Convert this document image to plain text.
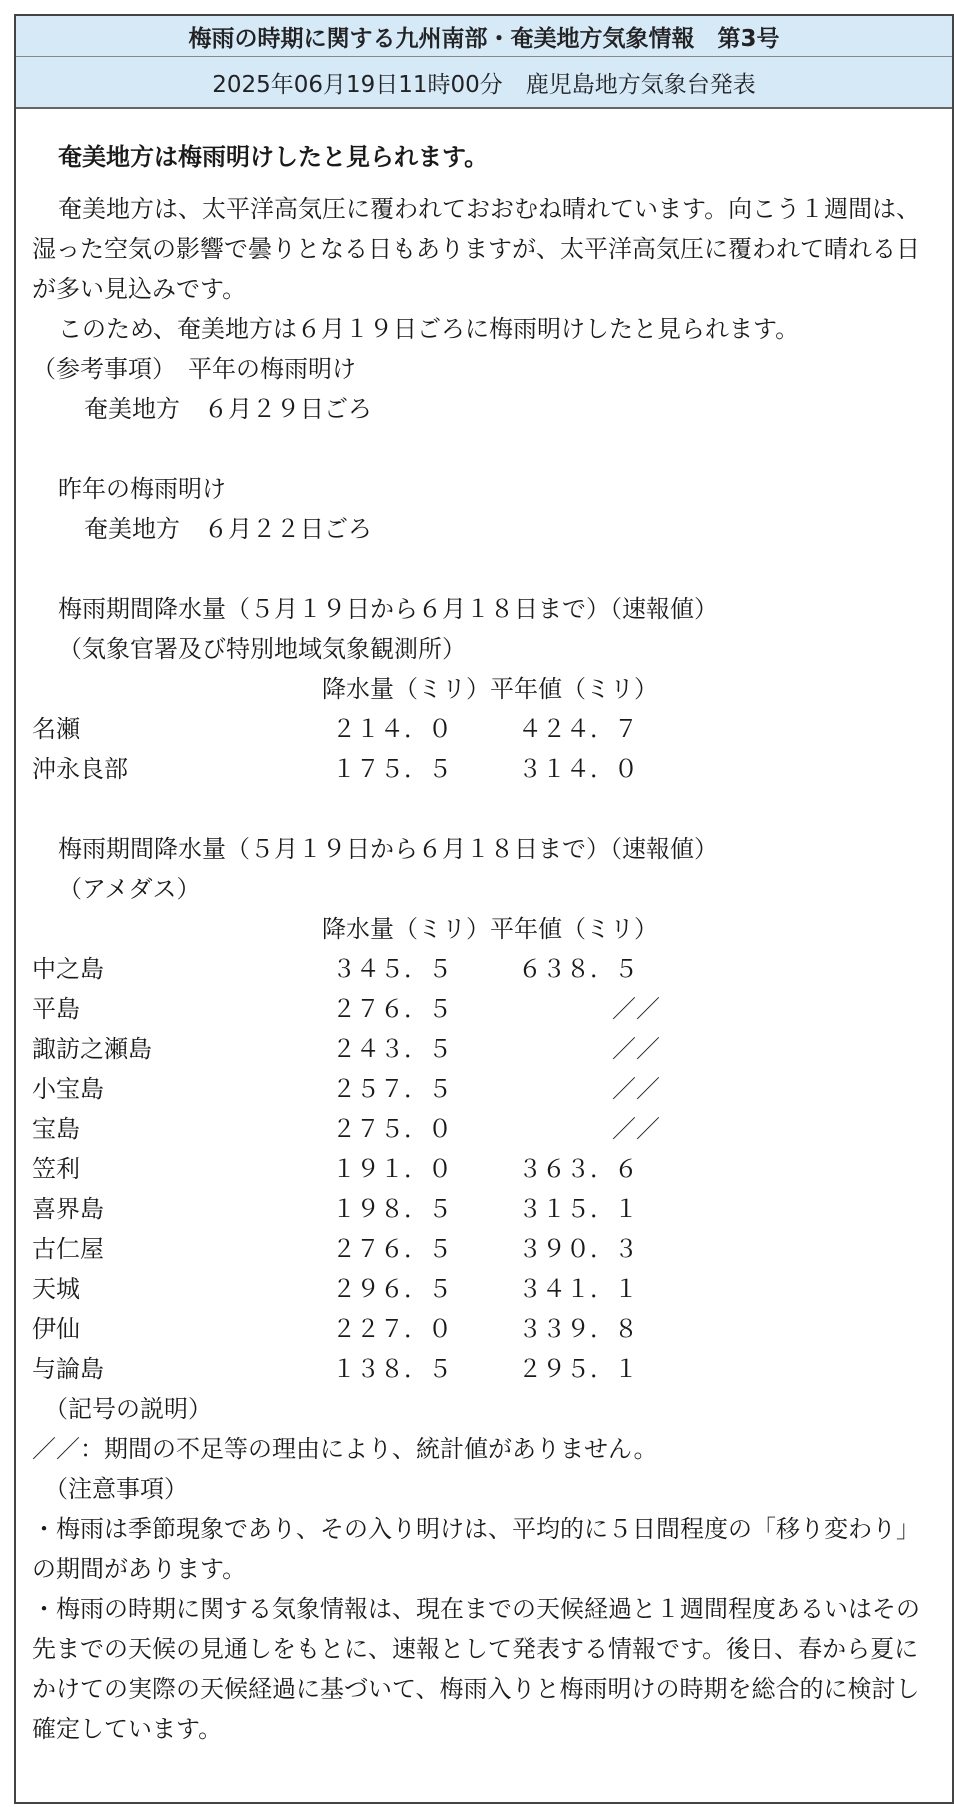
梅雨の時期に関する九州南部・奄美地方気象情報　第3号
2025年06月19日11時00分　鹿児島地方気象台発表
奄美地方は梅雨明けしたと見られます。
奄美地方は、太平洋高気圧に覆われておおむね晴れています。向こう１週間は、湿った空気の影響で曇りとなる日もありますが、太平洋高気圧に覆われて晴れる日が多い見込みです。
このため、奄美地方は６月１９日ごろに梅雨明けしたと見られます。
（参考事項）　平年の梅雨明け
奄美地方　６月２９日ごろ
昨年の梅雨明け
奄美地方　６月２２日ごろ
梅雨期間降水量（５月１９日から６月１８日まで）（速報値）
（気象官署及び特別地域気象観測所）
降水量（ミリ）平年値（ミリ）
名瀬	２１４．０	４２４．７
沖永良部	１７５．５	３１４．０
梅雨期間降水量（５月１９日から６月１８日まで）（速報値）
（アメダス）
降水量（ミリ）平年値（ミリ）
中之島	３４５．５	６３８．５
平島	２７６．５	／／
諏訪之瀬島	２４３．５	／／
小宝島	２５７．５	／／
宝島	２７５．０	／／
笠利	１９１．０	３６３．６
喜界島	１９８．５	３１５．１
古仁屋	２７６．５	３９０．３
天城	２９６．５	３４１．１
伊仙	２２７．０	３３９．８
与論島	１３８．５	２９５．１
（記号の説明）
／／：期間の不足等の理由により、統計値がありません。
（注意事項）
・梅雨は季節現象であり、その入り明けは、平均的に５日間程度の「移り変わり」の期間があります。
・梅雨の時期に関する気象情報は、現在までの天候経過と１週間程度あるいはその先までの天候の見通しをもとに、速報として発表する情報です。後日、春から夏にかけての実際の天候経過に基づいて、梅雨入りと梅雨明けの時期を総合的に検討し確定しています。
